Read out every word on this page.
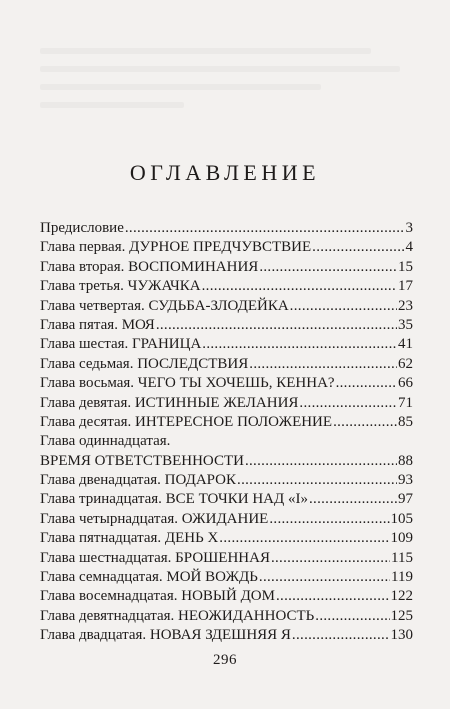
ОГЛАВЛЕНИЕ
Предисловие .....	3
Глава первая. ДУРНОЕ ПРЕДЧУВСТВИЕ .....	4
Глава вторая. ВОСПОМИНАНИЯ .....	15
Глава третья. ЧУЖАЧКА .....	17
Глава четвертая. СУДЬБА-ЗЛОДЕЙКА .....	23
Глава пятая. МОЯ .....	35
Глава шестая. ГРАНИЦА .....	41
Глава седьмая. ПОСЛЕДСТВИЯ .....	62
Глава восьмая. ЧЕГО ТЫ ХОЧЕШЬ, КЕННА? .....	66
Глава девятая. ИСТИННЫЕ ЖЕЛАНИЯ .....	71
Глава десятая. ИНТЕРЕСНОЕ ПОЛОЖЕНИЕ .....	85
Глава одиннадцатая.
ВРЕМЯ ОТВЕТСТВЕННОСТИ .....	88
Глава двенадцатая. ПОДАРОК .....	93
Глава тринадцатая. ВСЕ ТОЧКИ НАД «I» .....	97
Глава четырнадцатая. ОЖИДАНИЕ .....	105
Глава пятнадцатая. ДЕНЬ Х .....	109
Глава шестнадцатая. БРОШЕННАЯ .....	115
Глава семнадцатая. МОЙ ВОЖДЬ .....	119
Глава восемнадцатая. НОВЫЙ ДОМ .....	122
Глава девятнадцатая. НЕОЖИДАННОСТЬ .....	125
Глава двадцатая. НОВАЯ ЗДЕШНЯЯ Я .....	130
296
